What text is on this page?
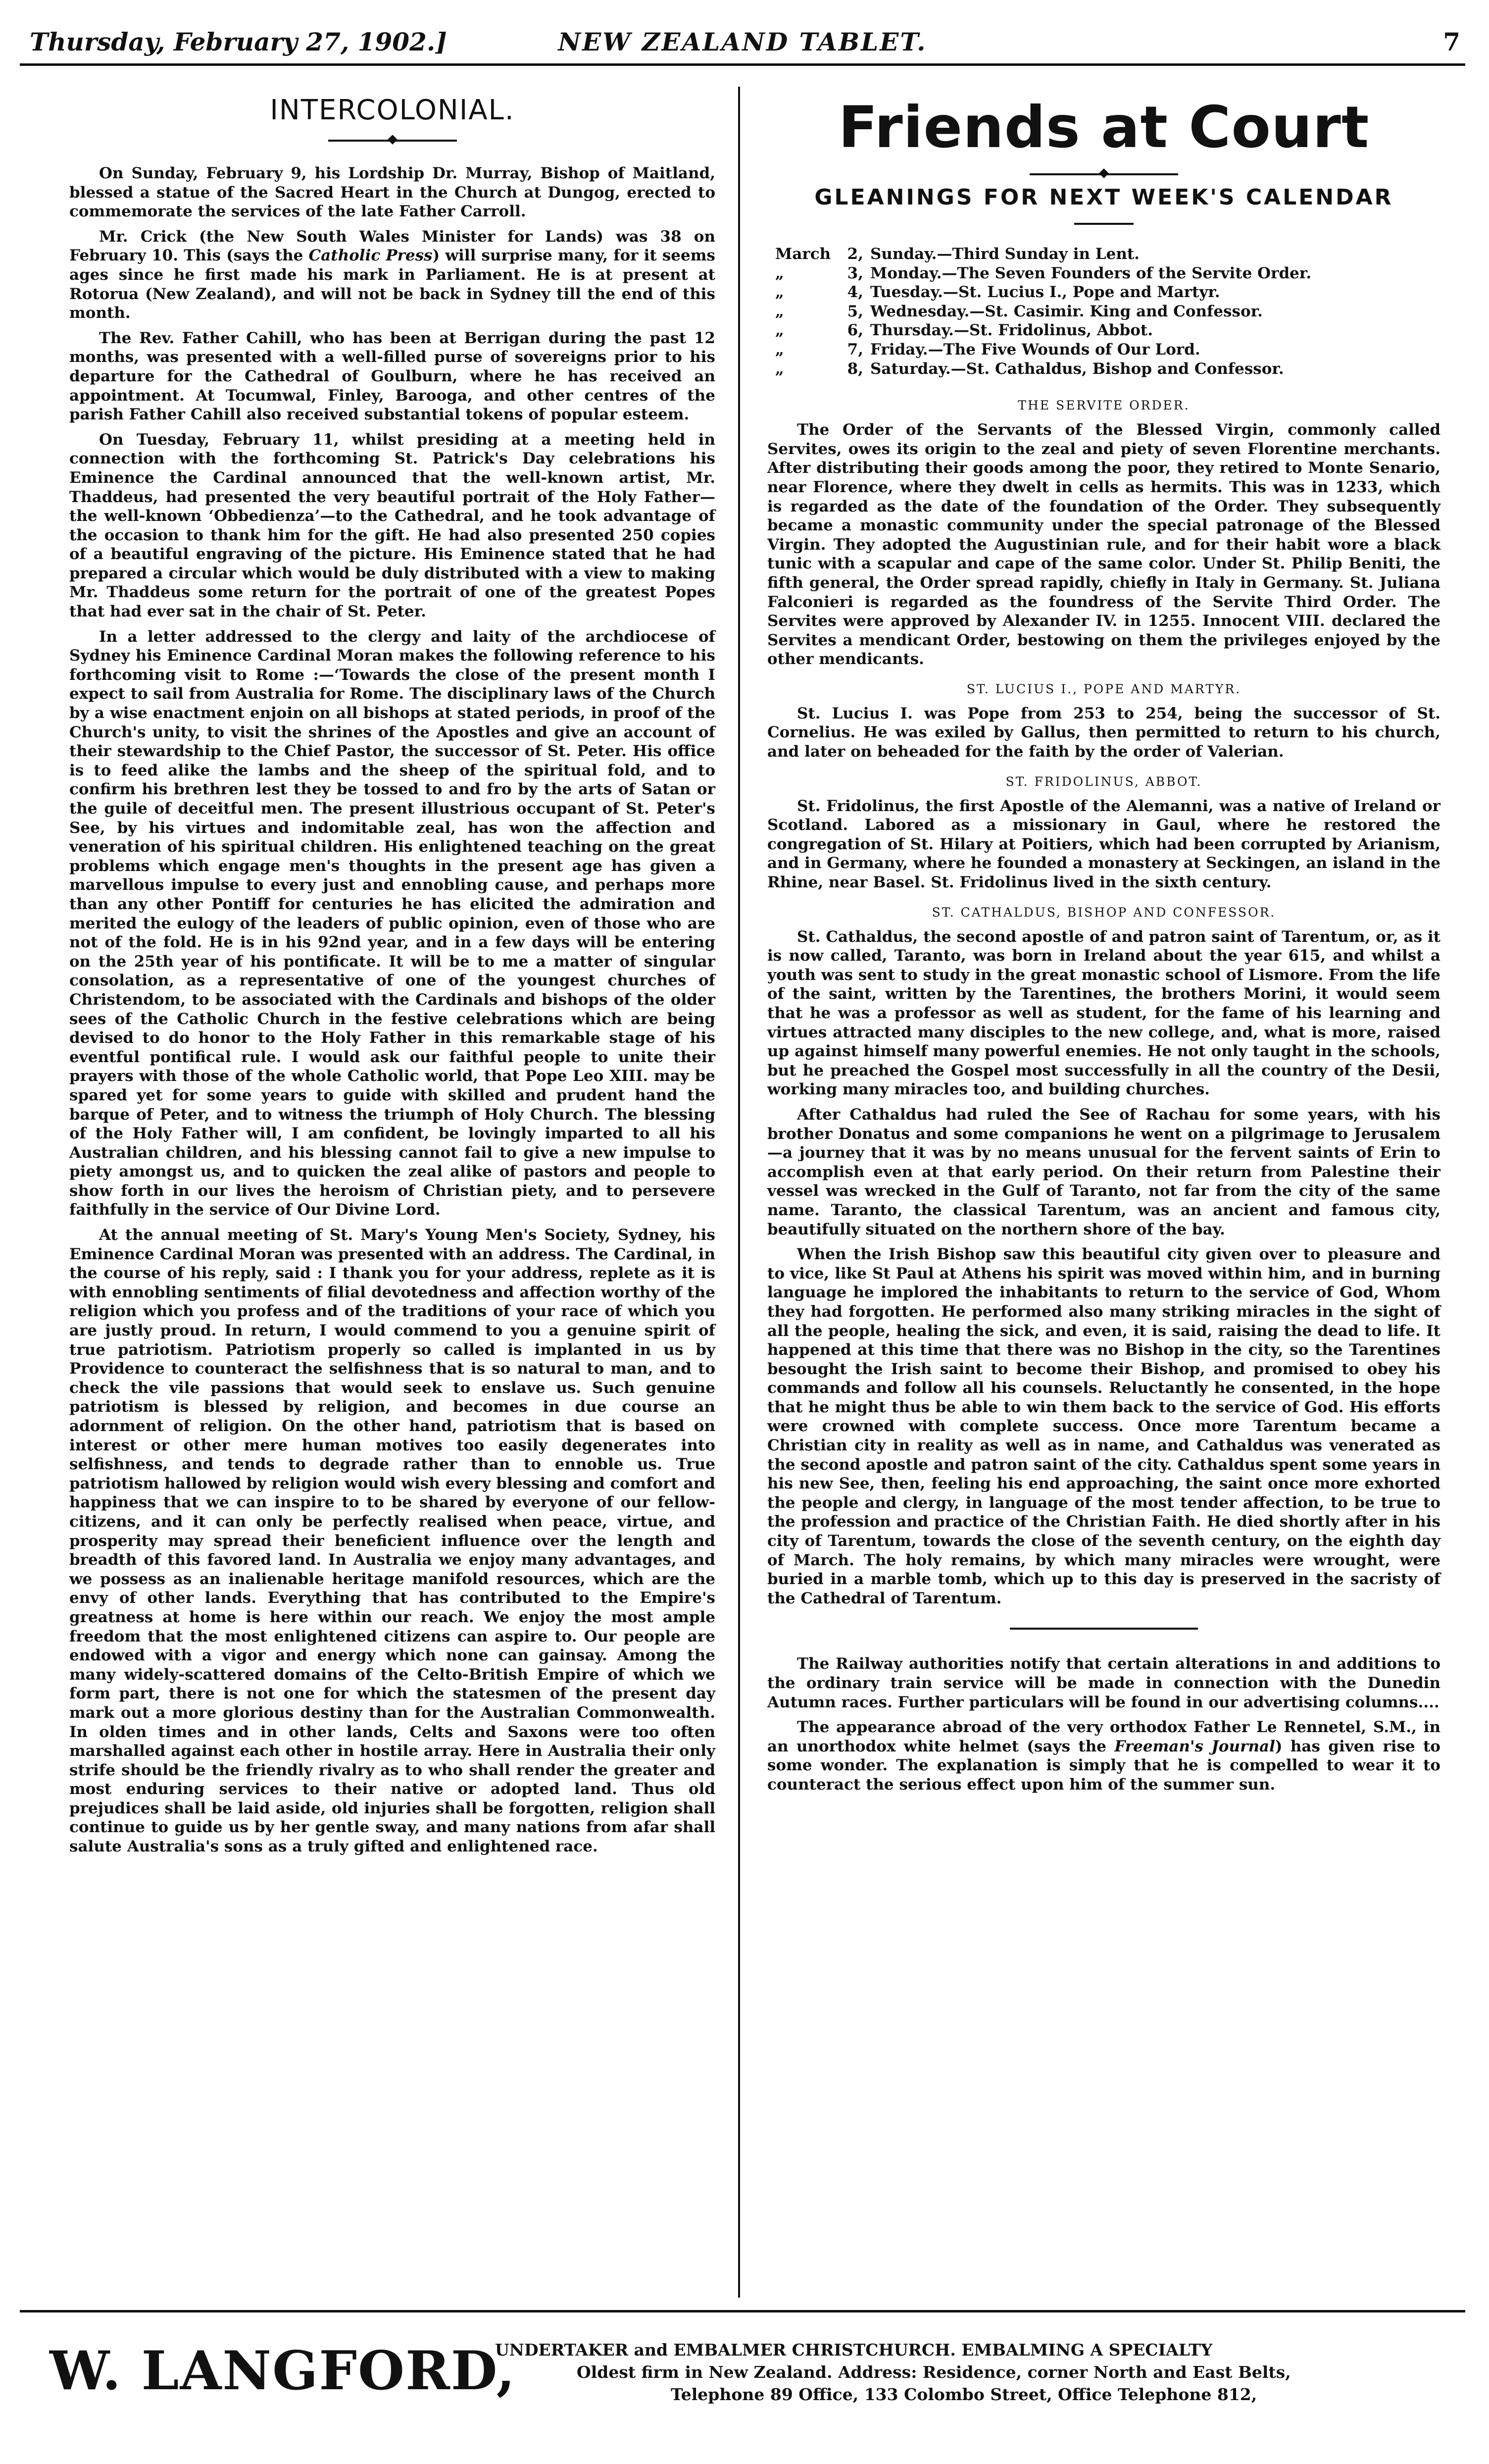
Thursday, February 27, 1902.]	NEW ZEALAND TABLET.	7
INTERCOLONIAL.

On Sunday, February 9, his Lordship Dr. Murray, Bishop of Maitland, blessed a statue of the Sacred Heart in the Church at Dungog, erected to commemorate the services of the late Father Carroll.

Mr. Crick (the New South Wales Minister for Lands) was 38 on February 10. This (says the Catholic Press) will surprise many, for it seems ages since he first made his mark in Parliament. He is at present at Rotorua (New Zealand), and will not be back in Sydney till the end of this month.

The Rev. Father Cahill, who has been at Berrigan during the past 12 months, was presented with a well-filled purse of sovereigns prior to his departure for the Cathedral of Goulburn, where he has received an appointment. At Tocumwal, Finley, Barooga, and other centres of the parish Father Cahill also received substantial tokens of popular esteem.

On Tuesday, February 11, whilst presiding at a meeting held in connection with the forthcoming St. Patrick's Day celebrations his Eminence the Cardinal announced that the well-known artist, Mr. Thaddeus, had presented the very beautiful portrait of the Holy Father—the well-known ‘Obbedienza’—to the Cathedral, and he took advantage of the occasion to thank him for the gift. He had also presented 250 copies of a beautiful engraving of the picture. His Eminence stated that he had prepared a circular which would be duly distributed with a view to making Mr. Thaddeus some return for the portrait of one of the greatest Popes that had ever sat in the chair of St. Peter.

In a letter addressed to the clergy and laity of the archdiocese of Sydney his Eminence Cardinal Moran makes the following reference to his forthcoming visit to Rome :—‘Towards the close of the present month I expect to sail from Australia for Rome. The disciplinary laws of the Church by a wise enactment enjoin on all bishops at stated periods, in proof of the Church's unity, to visit the shrines of the Apostles and give an account of their stewardship to the Chief Pastor, the successor of St. Peter. His office is to feed alike the lambs and the sheep of the spiritual fold, and to confirm his brethren lest they be tossed to and fro by the arts of Satan or the guile of deceitful men. The present illustrious occupant of St. Peter's See, by his virtues and indomitable zeal, has won the affection and veneration of his spiritual children. His enlightened teaching on the great problems which engage men's thoughts in the present age has given a marvellous impulse to every just and ennobling cause, and perhaps more than any other Pontiff for centuries he has elicited the admiration and merited the eulogy of the leaders of public opinion, even of those who are not of the fold. He is in his 92nd year, and in a few days will be entering on the 25th year of his pontificate. It will be to me a matter of singular consolation, as a representative of one of the youngest churches of Christendom, to be associated with the Cardinals and bishops of the older sees of the Catholic Church in the festive celebrations which are being devised to do honor to the Holy Father in this remarkable stage of his eventful pontifical rule. I would ask our faithful people to unite their prayers with those of the whole Catholic world, that Pope Leo XIII. may be spared yet for some years to guide with skilled and prudent hand the barque of Peter, and to witness the triumph of Holy Church. The blessing of the Holy Father will, I am confident, be lovingly imparted to all his Australian children, and his blessing cannot fail to give a new impulse to piety amongst us, and to quicken the zeal alike of pastors and people to show forth in our lives the heroism of Christian piety, and to persevere faithfully in the service of Our Divine Lord.

At the annual meeting of St. Mary's Young Men's Society, Sydney, his Eminence Cardinal Moran was presented with an address. The Cardinal, in the course of his reply, said : I thank you for your address, replete as it is with ennobling sentiments of filial devotedness and affection worthy of the religion which you profess and of the traditions of your race of which you are justly proud. In return, I would commend to you a genuine spirit of true patriotism. Patriotism properly so called is implanted in us by Providence to counteract the selfishness that is so natural to man, and to check the vile passions that would seek to enslave us. Such genuine patriotism is blessed by religion, and becomes in due course an adornment of religion. On the other hand, patriotism that is based on interest or other mere human motives too easily degenerates into selfishness, and tends to degrade rather than to ennoble us. True patriotism hallowed by religion would wish every blessing and comfort and happiness that we can inspire to to be shared by everyone of our fellow-citizens, and it can only be perfectly realised when peace, virtue, and prosperity may spread their beneficient influence over the length and breadth of this favored land. In Australia we enjoy many advantages, and we possess as an inalienable heritage manifold resources, which are the envy of other lands. Everything that has contributed to the Empire's greatness at home is here within our reach. We enjoy the most ample freedom that the most enlightened citizens can aspire to. Our people are endowed with a vigor and energy which none can gainsay. Among the many widely-scattered domains of the Celto-British Empire of which we form part, there is not one for which the statesmen of the present day mark out a more glorious destiny than for the Australian Commonwealth. In olden times and in other lands, Celts and Saxons were too often marshalled against each other in hostile array. Here in Australia their only strife should be the friendly rivalry as to who shall render the greater and most enduring services to their native or adopted land. Thus old prejudices shall be laid aside, old injuries shall be forgotten, religion shall continue to guide us by her gentle sway, and many nations from afar shall salute Australia's sons as a truly gifted and enlightened race.

Friends at Court
GLEANINGS FOR NEXT WEEK'S CALENDAR
March	2, Sunday.—Third Sunday in Lent.
„	3, Monday.—The Seven Founders of the Servite Order.
„	4, Tuesday.—St. Lucius I., Pope and Martyr.
„	5, Wednesday.—St. Casimir. King and Confessor.
„	6, Thursday.—St. Fridolinus, Abbot.
„	7, Friday.—The Five Wounds of Our Lord.
„	8, Saturday.—St. Cathaldus, Bishop and Confessor.
THE SERVITE ORDER.

The Order of the Servants of the Blessed Virgin, commonly called Servites, owes its origin to the zeal and piety of seven Florentine merchants. After distributing their goods among the poor, they retired to Monte Senario, near Florence, where they dwelt in cells as hermits. This was in 1233, which is regarded as the date of the foundation of the Order. They subsequently became a monastic community under the special patronage of the Blessed Virgin. They adopted the Augustinian rule, and for their habit wore a black tunic with a scapular and cape of the same color. Under St. Philip Beniti, the fifth general, the Order spread rapidly, chiefly in Italy in Germany. St. Juliana Falconieri is regarded as the foundress of the Servite Third Order. The Servites were approved by Alexander IV. in 1255. Innocent VIII. declared the Servites a mendicant Order, bestowing on them the privileges enjoyed by the other mendicants.

ST. LUCIUS I., POPE AND MARTYR.

St. Lucius I. was Pope from 253 to 254, being the successor of St. Cornelius. He was exiled by Gallus, then permitted to return to his church, and later on beheaded for the faith by the order of Valerian.

ST. FRIDOLINUS, ABBOT.

St. Fridolinus, the first Apostle of the Alemanni, was a native of Ireland or Scotland. Labored as a missionary in Gaul, where he restored the congregation of St. Hilary at Poitiers, which had been corrupted by Arianism, and in Germany, where he founded a monastery at Seckingen, an island in the Rhine, near Basel. St. Fridolinus lived in the sixth century.

ST. CATHALDUS, BISHOP AND CONFESSOR.

St. Cathaldus, the second apostle of and patron saint of Tarentum, or, as it is now called, Taranto, was born in Ireland about the year 615, and whilst a youth was sent to study in the great monastic school of Lismore. From the life of the saint, written by the Tarentines, the brothers Morini, it would seem that he was a professor as well as student, for the fame of his learning and virtues attracted many disciples to the new college, and, what is more, raised up against himself many powerful enemies. He not only taught in the schools, but he preached the Gospel most successfully in all the country of the Desii, working many miracles too, and building churches.

After Cathaldus had ruled the See of Rachau for some years, with his brother Donatus and some companions he went on a pilgrimage to Jerusalem—a journey that it was by no means unusual for the fervent saints of Erin to accomplish even at that early period. On their return from Palestine their vessel was wrecked in the Gulf of Taranto, not far from the city of the same name. Taranto, the classical Tarentum, was an ancient and famous city, beautifully situated on the northern shore of the bay.

When the Irish Bishop saw this beautiful city given over to pleasure and to vice, like St Paul at Athens his spirit was moved within him, and in burning language he implored the inhabitants to return to the service of God, Whom they had forgotten. He performed also many striking miracles in the sight of all the people, healing the sick, and even, it is said, raising the dead to life. It happened at this time that there was no Bishop in the city, so the Tarentines besought the Irish saint to become their Bishop, and promised to obey his commands and follow all his counsels. Reluctantly he consented, in the hope that he might thus be able to win them back to the service of God. His efforts were crowned with complete success. Once more Tarentum became a Christian city in reality as well as in name, and Cathaldus was venerated as the second apostle and patron saint of the city. Cathaldus spent some years in his new See, then, feeling his end approaching, the saint once more exhorted the people and clergy, in language of the most tender affection, to be true to the profession and practice of the Christian Faith. He died shortly after in his city of Tarentum, towards the close of the seventh century, on the eighth day of March. The holy remains, by which many miracles were wrought, were buried in a marble tomb, which up to this day is preserved in the sacristy of the Cathedral of Tarentum.

The Railway authorities notify that certain alterations in and additions to the ordinary train service will be made in connection with the Dunedin Autumn races. Further particulars will be found in our advertising columns....

The appearance abroad of the very orthodox Father Le Rennetel, S.M., in an unorthodox white helmet (says the Freeman's Journal) has given rise to some wonder. The explanation is simply that he is compelled to wear it to counteract the serious effect upon him of the summer sun.

W. LANGFORD,
UNDERTAKER and EMBALMER CHRISTCHURCH. EMBALMING A SPECIALTY
Oldest firm in New Zealand. Address: Residence, corner North and East Belts,
Telephone 89 Office, 133 Colombo Street, Office Telephone 812,
